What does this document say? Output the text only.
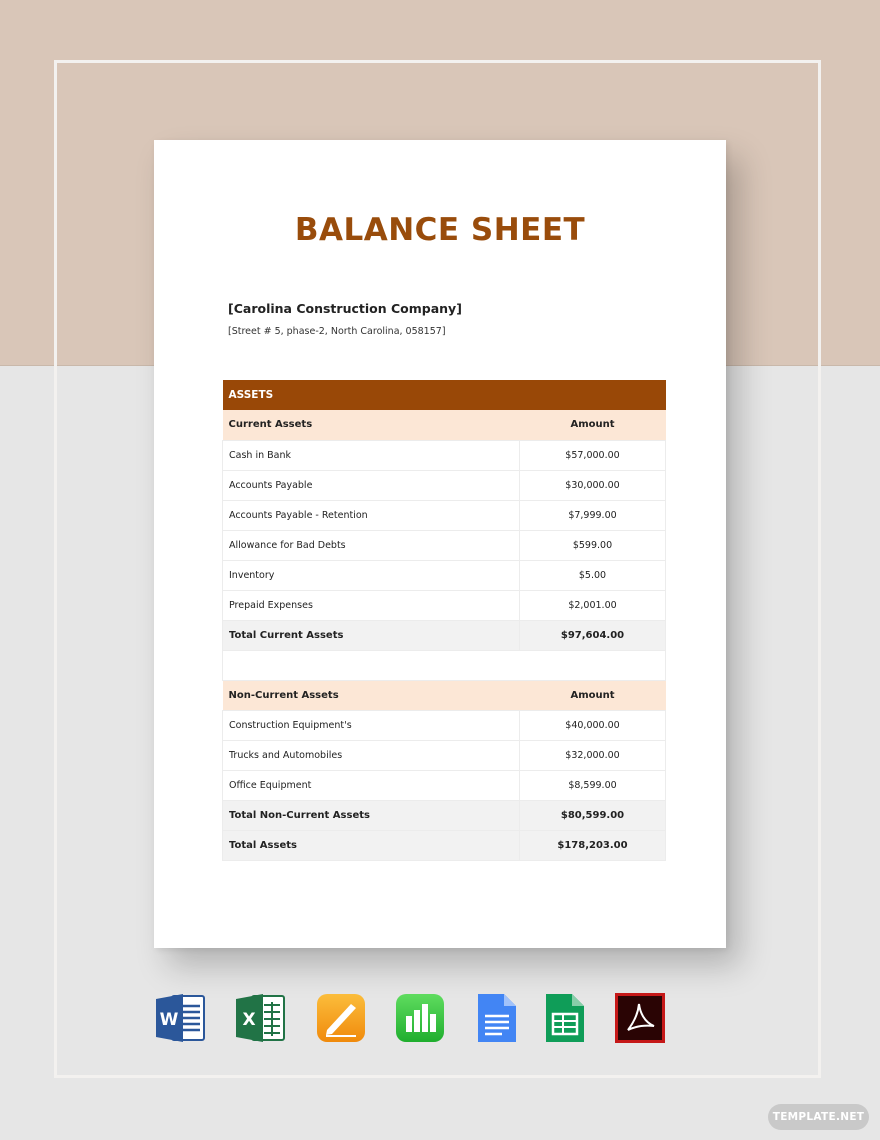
BALANCE SHEET
[Carolina Construction Company]
[Street # 5, phase-2, North Carolina, 058157]
ASSETS	
Current Assets	Amount
Cash in Bank	$57,000.00
Accounts Payable	$30,000.00
Accounts Payable - Retention	$7,999.00
Allowance for Bad Debts	$599.00
Inventory	$5.00
Prepaid Expenses	$2,001.00
Total Current Assets	$97,604.00

Non-Current Assets	Amount
Construction Equipment's	$40,000.00
Trucks and Automobiles	$32,000.00
Office Equipment	$8,599.00
Total Non-Current Assets	$80,599.00
Total Assets	$178,203.00
W	X
TEMPLATE.NET
